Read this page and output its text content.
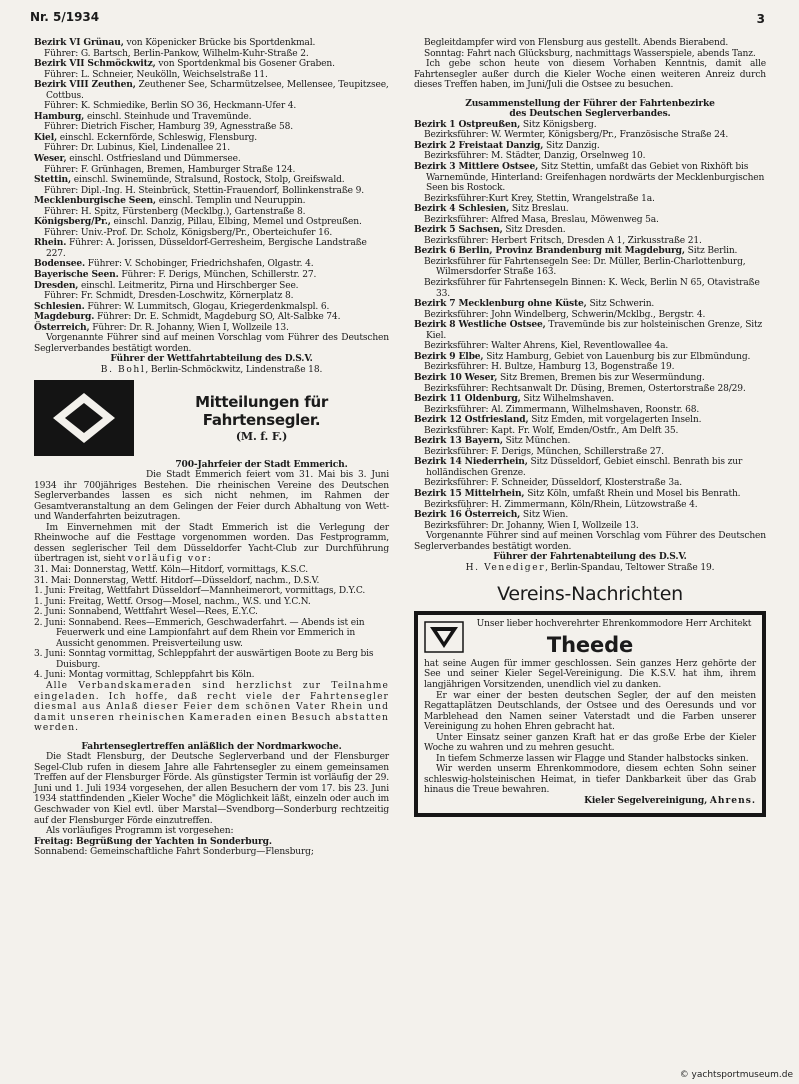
Nr. 5/1934	3

Bezirk VI Grünau, von Köpenicker Brücke bis Sportdenkmal.

Führer: G. Bartsch, Berlin-Pankow, Wilhelm-Kuhr-Straße 2.

Bezirk VII Schmöckwitz, von Sportdenkmal bis Gosener Graben.

Führer: L. Schneier, Neukölln, Weichselstraße 11.

Bezirk VIII Zeuthen, Zeuthener See, Scharmützelsee, Mellensee, Teupitzsee, Cottbus.

Führer: K. Schmiedike, Berlin SO 36, Heckmann-Ufer 4.

Hamburg, einschl. Steinhude und Travemünde.

Führer: Dietrich Fischer, Hamburg 39, Agnesstraße 58.

Kiel, einschl. Eckernförde, Schleswig, Flensburg.

Führer: Dr. Lubinus, Kiel, Lindenallee 21.

Weser, einschl. Ostfriesland und Dümmersee.

Führer: F. Grünhagen, Bremen, Hamburger Straße 124.

Stettin, einschl. Swinemünde, Stralsund, Rostock, Stolp, Greifswald.

Führer: Dipl.-Ing. H. Steinbrück, Stettin-Frauendorf, Bollinkenstraße 9.

Mecklenburgische Seen, einschl. Templin und Neuruppin.

Führer: H. Spitz, Fürstenberg (Mecklbg.), Gartenstraße 8.

Königsberg/Pr., einschl. Danzig, Pillau, Elbing, Memel und Ostpreußen.

Führer: Univ.-Prof. Dr. Scholz, Königsberg/Pr., Oberteichufer 16.

Rhein. Führer: A. Jorissen, Düsseldorf-Gerresheim, Bergische Landstraße 227.

Bodensee. Führer: V. Schobinger, Friedrichshafen, Olgastr. 4.

Bayerische Seen. Führer: F. Derigs, München, Schillerstr. 27.

Dresden, einschl. Leitmeritz, Pirna und Hirschberger See.

Führer: Fr. Schmidt, Dresden-Loschwitz, Körnerplatz 8.

Schlesien. Führer: W. Lummitsch, Glogau, Kriegerdenkmalspl. 6.

Magdeburg. Führer: Dr. E. Schmidt, Magdeburg SO, Alt-Salbke 74.

Österreich, Führer: Dr. R. Johanny, Wien I, Wollzeile 13.

Vorgenannte Führer sind auf meinen Vorschlag vom Führer des Deutschen Seglerverbandes bestätigt worden.

Führer der Wettfahrtabteilung des D.S.V.

B. Bohl, Berlin-Schmöckwitz, Lindenstraße 18.

Mitteilungen für Fahrtensegler.
(M. f. F.)

700-Jahrfeier der Stadt Emmerich.

Die Stadt Emmerich feiert vom 31. Mai bis 3. Juni 1934 ihr 700jähriges Bestehen. Die rheinischen Vereine des Deutschen Seglerverbandes lassen es sich nicht nehmen, im Rahmen der Gesamtveranstaltung an dem Gelingen der Feier durch Abhaltung von Wett- und Wanderfahrten beizutragen.

Im Einvernehmen mit der Stadt Emmerich ist die Verlegung der Rheinwoche auf die Festtage vorgenommen worden. Das Festprogramm, dessen seglerischer Teil dem Düsseldorfer Yacht-Club zur Durchführung übertragen ist, sieht vorläufig vor:

31. Mai: Donnerstag, Wettf. Köln—Hitdorf, vormittags, K.S.C.

31. Mai: Donnerstag, Wettf. Hitdorf—Düsseldorf, nachm., D.S.V.

1. Juni: Freitag, Wettfahrt Düsseldorf—Mannheimerort, vormittags, D.Y.C.

1. Juni: Freitag, Wettf. Orsog—Mosel, nachm., W.S. und Y.C.N.

2. Juni: Sonnabend, Wettfahrt Wesel—Rees, E.Y.C.

2. Juni: Sonnabend. Rees—Emmerich, Geschwaderfahrt. — Abends ist ein Feuerwerk und eine Lampionfahrt auf dem Rhein vor Emmerich in Aussicht genommen. Preisverteilung usw.

3. Juni: Sonntag vormittag, Schleppfahrt der auswärtigen Boote zu Berg bis Duisburg.

4. Juni: Montag vormittag, Schleppfahrt bis Köln.

Alle Verbandskameraden sind herzlichst zur Teilnahme eingeladen. Ich hoffe, daß recht viele der Fahrtensegler diesmal aus Anlaß dieser Feier dem schönen Vater Rhein und damit unseren rheinischen Kameraden einen Besuch abstatten werden.

Fahrtenseglertreffen anläßlich der Nordmarkwoche.

Die Stadt Flensburg, der Deutsche Seglerverband und der Flensburger Segel-Club rufen in diesem Jahre alle Fahrtensegler zu einem gemeinsamen Treffen auf der Flensburger Förde. Als günstigster Termin ist vorläufig der 29. Juni und 1. Juli 1934 vorgesehen, der allen Besuchern der vom 17. bis 23. Juni 1934 stattfindenden „Kieler Woche" die Möglichkeit läßt, einzeln oder auch im Geschwader von Kiel evtl. über Marstal—Svendborg—Sonderburg rechtzeitig auf der Flensburger Förde einzutreffen.

Als vorläufiges Programm ist vorgesehen:

Freitag: Begrüßung der Yachten in Sonderburg.

Sonnabend: Gemeinschaftliche Fahrt Sonderburg—Flensburg;

Begleitdampfer wird von Flensburg aus gestellt. Abends Bierabend.

Sonntag: Fahrt nach Glücksburg, nachmittags Wasserspiele, abends Tanz.

Ich gebe schon heute von diesem Vorhaben Kenntnis, damit alle Fahrtensegler außer durch die Kieler Woche einen weiteren Anreiz durch dieses Treffen haben, im Juni/Juli die Ostsee zu besuchen.

Zusammenstellung der Führer der Fahrtenbezirke

des Deutschen Seglerverbandes.

Bezirk 1 Ostpreußen, Sitz Königsberg.

Bezirksführer: W. Wermter, Königsberg/Pr., Französische Straße 24.

Bezirk 2 Freistaat Danzig, Sitz Danzig.

Bezirksführer: M. Städter, Danzig, Orselnweg 10.

Bezirk 3 Mittlere Ostsee, Sitz Stettin, umfaßt das Gebiet von Rixhöft bis Warnemünde, Hinterland: Greifenhagen nordwärts der Mecklenburgischen Seen bis Rostock.

Bezirksführer:Kurt Krey, Stettin, Wrangelstraße 1a.

Bezirk 4 Schlesien, Sitz Breslau.

Bezirksführer: Alfred Masa, Breslau, Möwenweg 5a.

Bezirk 5 Sachsen, Sitz Dresden.

Bezirksführer: Herbert Fritsch, Dresden A 1, Zirkusstraße 21.

Bezirk 6 Berlin, Provinz Brandenburg mit Magdeburg, Sitz Berlin.

Bezirksführer für Fahrtensegeln See: Dr. Müller, Berlin-Charlottenburg, Wilmersdorfer Straße 163.

Bezirksführer für Fahrtensegeln Binnen: K. Weck, Berlin N 65, Otavistraße 33.

Bezirk 7 Mecklenburg ohne Küste, Sitz Schwerin.

Bezirksführer: John Windelberg, Schwerin/Mcklbg., Bergstr. 4.

Bezirk 8 Westliche Ostsee, Travemünde bis zur holsteinischen Grenze, Sitz Kiel.

Bezirksführer: Walter Ahrens, Kiel, Reventlowallee 4a.

Bezirk 9 Elbe, Sitz Hamburg, Gebiet von Lauenburg bis zur Elbmündung.

Bezirksführer: H. Bultze, Hamburg 13, Bogenstraße 19.

Bezirk 10 Weser, Sitz Bremen, Bremen bis zur Wesermündung.

Bezirksführer: Rechtsanwalt Dr. Düsing, Bremen, Ostertorstraße 28/29.

Bezirk 11 Oldenburg, Sitz Wilhelmshaven.

Bezirksführer: Al. Zimmermann, Wilhelmshaven, Roonstr. 68.

Bezirk 12 Ostfriesland, Sitz Emden, mit vorgelagerten Inseln.

Bezirksführer: Kapt. Fr. Wolf, Emden/Ostfr., Am Delft 35.

Bezirk 13 Bayern, Sitz München.

Bezirksführer: F. Derigs, München, Schillerstraße 27.

Bezirk 14 Niederrhein, Sitz Düsseldorf, Gebiet einschl. Benrath bis zur holländischen Grenze.

Bezirksführer: F. Schneider, Düsseldorf, Klosterstraße 3a.

Bezirk 15 Mittelrhein, Sitz Köln, umfaßt Rhein und Mosel bis Benrath.

Bezirksführer: H. Zimmermann, Köln/Rhein, Lützowstraße 4.

Bezirk 16 Österreich, Sitz Wien.

Bezirksführer: Dr. Johanny, Wien I, Wollzeile 13.

Vorgenannte Führer sind auf meinen Vorschlag vom Führer des Deutschen Seglerverbandes bestätigt worden.

Führer der Fahrtenabteilung des D.S.V.

H. Venediger, Berlin-Spandau, Teltower Straße 19.

Vereins-Nachrichten

Unser lieber hochverehrter Ehrenkommodore Herr Architekt

Theede

hat seine Augen für immer geschlossen. Sein ganzes Herz gehörte der See und seiner Kieler Segel-Vereinigung. Die K.S.V. hat ihm, ihrem langjährigen Vorsitzenden, unendlich viel zu danken.

Er war einer der besten deutschen Segler, der auf den meisten Regattaplätzen Deutschlands, der Ostsee und des Oeresunds und vor Marblehead den Namen seiner Vaterstadt und die Farben unserer Vereinigung zu hohen Ehren gebracht hat.

Unter Einsatz seiner ganzen Kraft hat er das große Erbe der Kieler Woche zu wahren und zu mehren gesucht.

In tiefem Schmerze lassen wir Flagge und Stander halbstocks sinken.

Wir werden unserm Ehrenkommodore, diesem echten Sohn seiner schleswig-holsteinischen Heimat, in tiefer Dankbarkeit über das Grab hinaus die Treue bewahren.

Kieler Segelvereinigung, Ahrens.

© yachtsportmuseum.de
